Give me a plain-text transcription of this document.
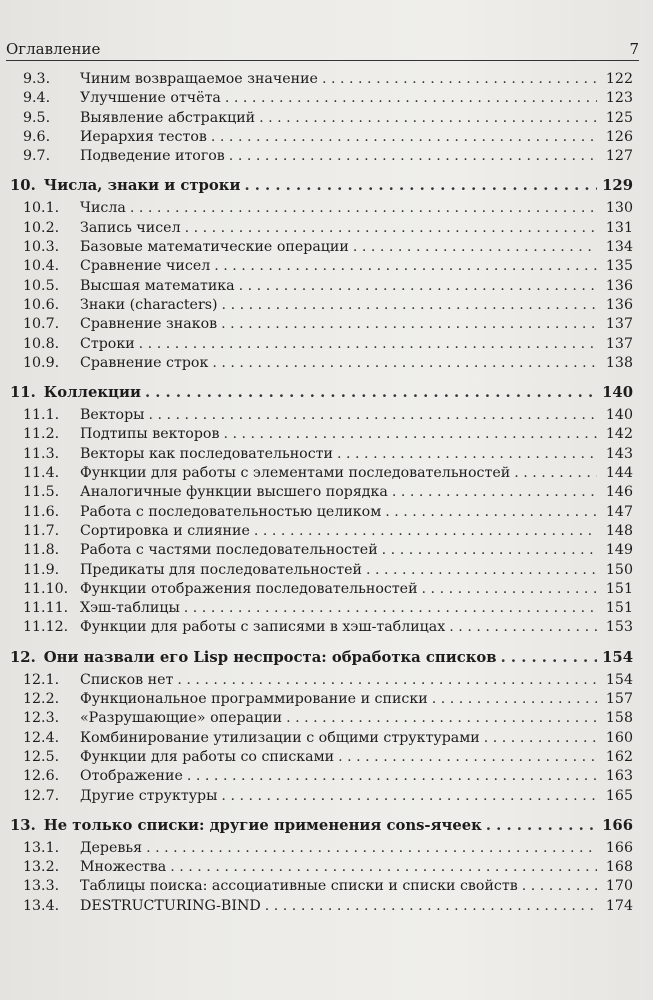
Оглавление	7
9.3.	Чиним возвращаемое значение . . .	122
9.4.	Улучшение отчёта . . .	123
9.5.	Выявление абстракций . . .	125
9.6.	Иерархия тестов . . .	126
9.7.	Подведение итогов . . .	127
10. Числа, знаки и строки . . .	129
10.1.	Числа . . .	130
10.2.	Запись чисел . . .	131
10.3.	Базовые математические операции . . .	134
10.4.	Сравнение чисел . . .	135
10.5.	Высшая математика . . .	136
10.6.	Знаки (characters) . . .	136
10.7.	Сравнение знаков . . .	137
10.8.	Строки . . .	137
10.9.	Сравнение строк . . .	138
11. Коллекции . . .	140
11.1.	Векторы . . .	140
11.2.	Подтипы векторов . . .	142
11.3.	Векторы как последовательности . . .	143
11.4.	Функции для работы с элементами последовательностей . . .	144
11.5.	Аналогичные функции высшего порядка . . .	146
11.6.	Работа с последовательностью целиком . . .	147
11.7.	Сортировка и слияние . . .	148
11.8.	Работа с частями последовательностей . . .	149
11.9.	Предикаты для последовательностей . . .	150
11.10. Функции отображения последовательностей . . .	151
11.11. Хэш-таблицы . . .	151
11.12. Функции для работы с записями в хэш-таблицах . . .	153
12. Они назвали его Lisp неспроста: обработка списков . . .	154
12.1.	Списков нет . . .	154
12.2.	Функциональное программирование и списки . . .	157
12.3.	«Разрушающие» операции . . .	158
12.4.	Комбинирование утилизации с общими структурами . . .	160
12.5.	Функции для работы со списками . . .	162
12.6.	Отображение . . .	163
12.7.	Другие структуры . . .	165
13. Не только списки: другие применения cons-ячеек . . .	166
13.1.	Деревья . . .	166
13.2.	Множества . . .	168
13.3.	Таблицы поиска: ассоциативные списки и списки свойств . . .	170
13.4.	DESTRUCTURING-BIND . . .	174
